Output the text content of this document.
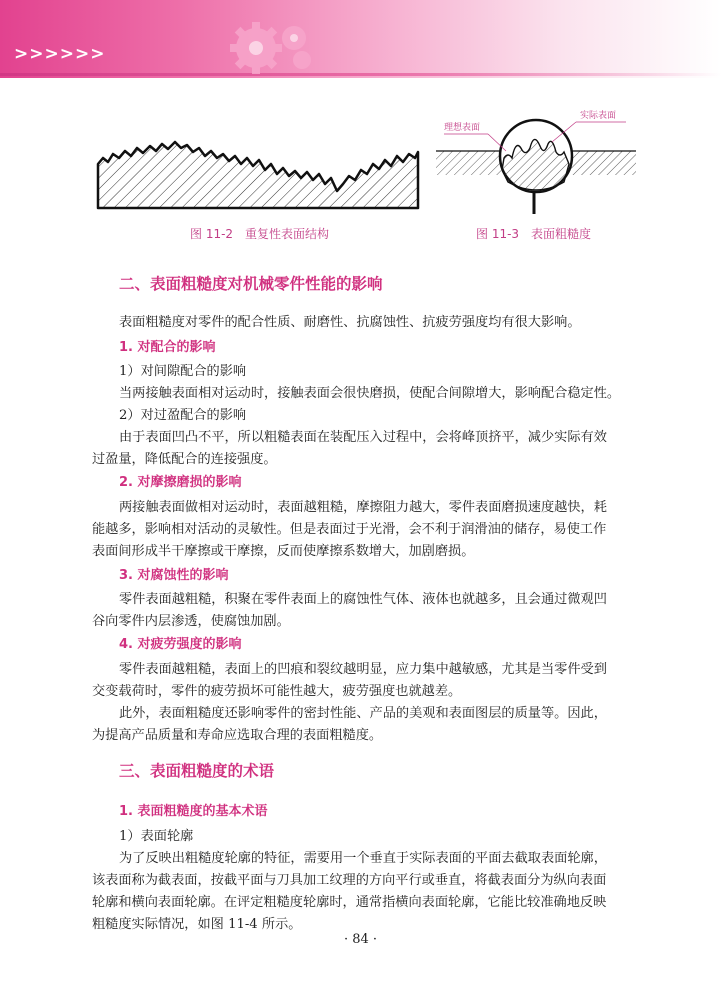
>>>>>>
理想表面
实际表面
图 11-2　重复性表面结构	图 11-3　表面粗糙度
二、表面粗糙度对机械零件性能的影响
表面粗糙度对零件的配合性质、耐磨性、抗腐蚀性、抗疲劳强度均有很大影响。
1. 对配合的影响
1）对间隙配合的影响
当两接触表面相对运动时，接触表面会很快磨损，使配合间隙增大，影响配合稳定性。
2）对过盈配合的影响
由于表面凹凸不平，所以粗糙表面在装配压入过程中，会将峰顶挤平，减少实际有效
过盈量，降低配合的连接强度。
2. 对摩擦磨损的影响
两接触表面做相对运动时，表面越粗糙，摩擦阻力越大，零件表面磨损速度越快，耗
能越多，影响相对活动的灵敏性。但是表面过于光滑，会不利于润滑油的储存，易使工作
表面间形成半干摩擦或干摩擦，反而使摩擦系数增大，加剧磨损。
3. 对腐蚀性的影响
零件表面越粗糙，积聚在零件表面上的腐蚀性气体、液体也就越多，且会通过微观凹
谷向零件内层渗透，使腐蚀加剧。
4. 对疲劳强度的影响
零件表面越粗糙，表面上的凹痕和裂纹越明显，应力集中越敏感，尤其是当零件受到
交变载荷时，零件的疲劳损坏可能性越大，疲劳强度也就越差。
此外，表面粗糙度还影响零件的密封性能、产品的美观和表面图层的质量等。因此，
为提高产品质量和寿命应选取合理的表面粗糙度。
三、表面粗糙度的术语
1. 表面粗糙度的基本术语
1）表面轮廓
为了反映出粗糙度轮廓的特征，需要用一个垂直于实际表面的平面去截取表面轮廓，
该表面称为截表面，按截平面与刀具加工纹理的方向平行或垂直，将截表面分为纵向表面
轮廓和横向表面轮廓。在评定粗糙度轮廓时，通常指横向表面轮廓，它能比较准确地反映
粗糙度实际情况，如图 11-4 所示。
· 84 ·
